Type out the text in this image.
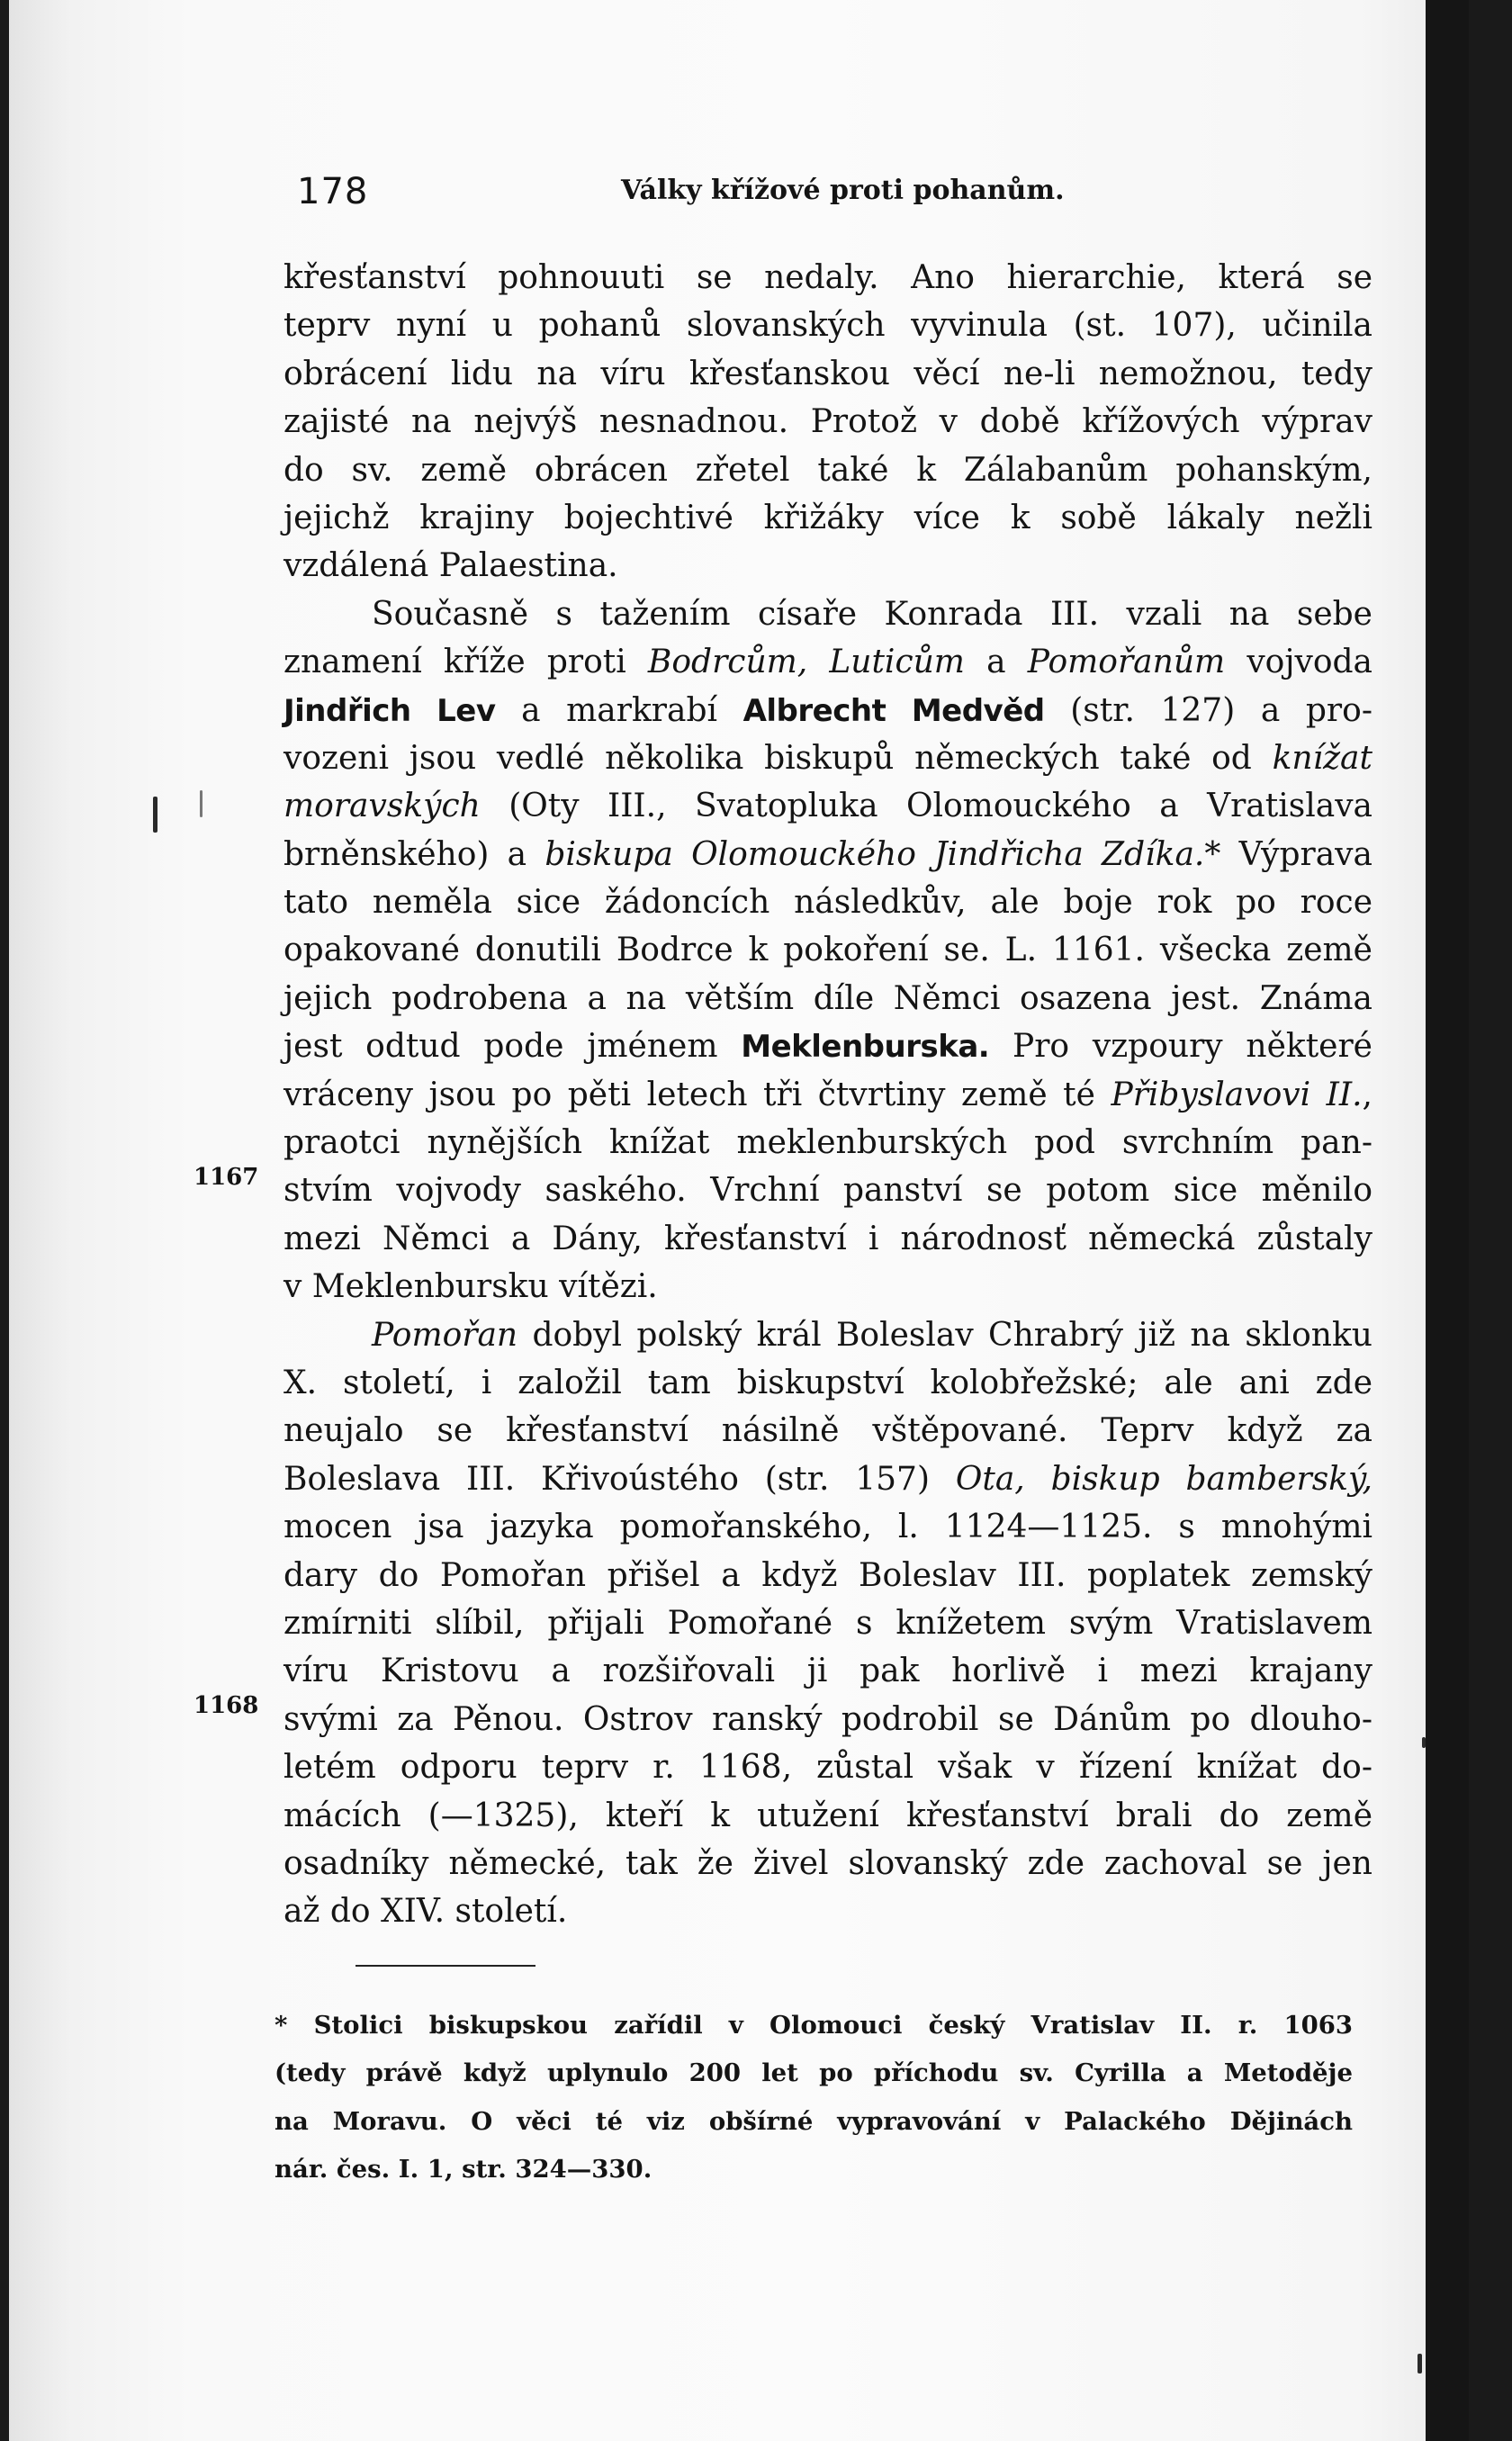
178	Války křížové proti pohanům.
1167
1168
křesťanství pohnouuti se nedaly. Ano hierarchie, která se
teprv nyní u pohanů slovanských vyvinula (st. 107), učinila
obrácení lidu na víru křesťanskou věcí ne-li nemožnou, tedy
zajisté na nejvýš nesnadnou. Protož v době křížových výprav
do sv. země obrácen zřetel také k Zálabanům pohanským,
jejichž krajiny bojechtivé křižáky více k sobě lákaly nežli
vzdálená Palaestina.
Současně s tažením císaře Konrada III. vzali na sebe
znamení kříže proti Bodrcům, Luticům a Pomořanům vojvoda
Jindřich Lev a markrabí Albrecht Medvěd (str. 127) a pro-
vozeni jsou vedlé několika biskupů německých také od knížat
moravských (Oty III., Svatopluka Olomouckého a Vratislava
brněnského) a biskupa Olomouckého Jindřicha Zdíka.* Výprava
tato neměla sice žádoncích následkův, ale boje rok po roce
opakované donutili Bodrce k pokoření se. L. 1161. všecka země
jejich podrobena a na větším díle Němci osazena jest. Známa
jest odtud pode jménem Meklenburska. Pro vzpoury některé
vráceny jsou po pěti letech tři čtvrtiny země té Přibyslavovi II.,
praotci nynějších knížat meklenburských pod svrchním pan-
stvím vojvody saského. Vrchní panství se potom sice měnilo
mezi Němci a Dány, křesťanství i národnosť německá zůstaly
v Meklenbursku vítězi.
Pomořan dobyl polský král Boleslav Chrabrý již na sklonku
X. století, i založil tam biskupství kolobřežské; ale ani zde
neujalo se křesťanství násilně vštěpované. Teprv když za
Boleslava III. Křivoústého (str. 157) Ota, biskup bamberský,
mocen jsa jazyka pomořanského, l. 1124—1125. s mnohými
dary do Pomořan přišel a když Boleslav III. poplatek zemský
zmírniti slíbil, přijali Pomořané s knížetem svým Vratislavem
víru Kristovu a rozšiřovali ji pak horlivě i mezi krajany
svými za Pěnou. Ostrov ranský podrobil se Dánům po dlouho-
letém odporu teprv r. 1168, zůstal však v řízení knížat do-
mácích (—1325), kteří k utužení křesťanství brali do země
osadníky německé, tak že živel slovanský zde zachoval se jen
až do XIV. století.
* Stolici biskupskou zařídil v Olomouci český Vratislav II. r. 1063
(tedy právě když uplynulo 200 let po příchodu sv. Cyrilla a Metoděje
na Moravu. O věci té viz obšírné vypravování v Palackého Dějinách
nár. čes. I. 1, str. 324—330.
